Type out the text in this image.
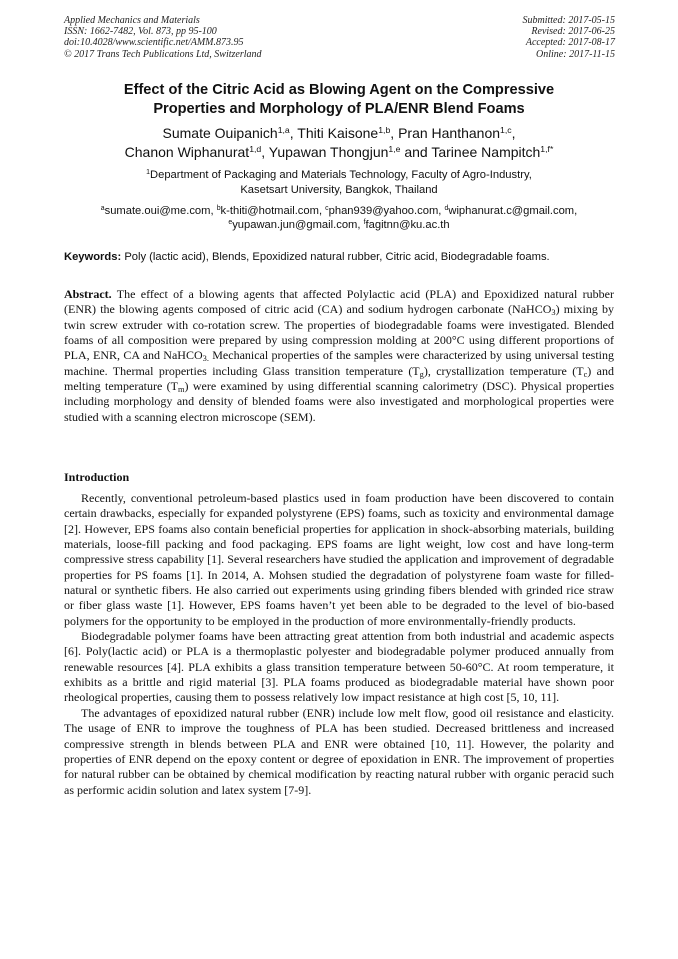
Applied Mechanics and Materials
ISSN: 1662-7482, Vol. 873, pp 95-100
doi:10.4028/www.scientific.net/AMM.873.95
© 2017 Trans Tech Publications Ltd, Switzerland
Submitted: 2017-05-15
Revised: 2017-06-25
Accepted: 2017-08-17
Online: 2017-11-15
Effect of the Citric Acid as Blowing Agent on the Compressive
Properties and Morphology of PLA/ENR Blend Foams
Sumate Ouipanich$^{1,a}$, Thiti Kaisone$^{1,b}$, Pran Hanthanon$^{1,c}$,
Chanon Wiphanurat$^{1,d}$, Yupawan Thongjun$^{1,e}$ and Tarinee Nampitch$^{1,f*}$
$^1$Department of Packaging and Materials Technology, Faculty of Agro-Industry,
Kasetsart University, Bangkok, Thailand
$^a$sumate.oui@me.com, $^b$k-thiti@hotmail.com, $^c$phan939@yahoo.com, $^d$wiphanurat.c@gmail.com,
$^e$yupawan.jun@gmail.com, $^f$fagitnn@ku.ac.th
Keywords: Poly (lactic acid), Blends, Epoxidized natural rubber, Citric acid, Biodegradable foams.
Abstract. The effect of a blowing agents that affected Polylactic acid (PLA) and Epoxidized natural rubber (ENR) the blowing agents composed of citric acid (CA) and sodium hydrogen carbonate (NaHCO$_3$) mixing by twin screw extruder with co-rotation screw. The properties of biodegradable foams were investigated. Blended foams of all composition were prepared by using compression molding at 200°C using different proportions of PLA, ENR, CA and NaHCO$_{3.}$ Mechanical properties of the samples were characterized by using universal testing machine. Thermal properties including Glass transition temperature $(T_g)$, crystallization temperature $(T_c)$ and melting temperature $(T_m)$ were examined by using differential scanning calorimetry (DSC). Physical properties including morphology and density of blended foams were also investigated and morphological properties were studied with a scanning electron microscope (SEM).
Introduction

Recently, conventional petroleum-based plastics used in foam production have been discovered to contain certain drawbacks, especially for expanded polystyrene (EPS) foams, such as toxicity and environmental damage [2]. However, EPS foams also contain beneficial properties for application in shock-absorbing materials, building materials, loose-fill packing and food packaging. EPS foams are light weight, low cost and have long-term compressive stress capability [1]. Several researchers have studied the application and improvement of degradable properties for PS foams [1]. In 2014, A. Mohsen studied the degradation of polystyrene foam waste for filled-natural or synthetic fibers. He also carried out experiments using grinding fibers blended with grinded rice straw or fiber glass waste [1]. However, EPS foams haven’t yet been able to be degraded to the level of bio-based polymers for the opportunity to be employed in the production of more environmentally-friendly products.

Biodegradable polymer foams have been attracting great attention from both industrial and academic aspects [6]. Poly(lactic acid) or PLA is a thermoplastic polyester and biodegradable polymer produced annually from renewable resources [4]. PLA exhibits a glass transition temperature between 50-60°C. At room temperature, it exhibits as a brittle and rigid material [3]. PLA foams produced as biodegradable material have shown poor rheological properties, causing them to possess relatively low impact resistance at high cost [5, 10, 11].

The advantages of epoxidized natural rubber (ENR) include low melt flow, good oil resistance and elasticity. The usage of ENR to improve the toughness of PLA has been studied. Decreased brittleness and increased compressive strength in blends between PLA and ENR were obtained [10, 11]. However, the polarity and properties of ENR depend on the epoxy content or degree of epoxidation in ENR. The improvement of properties for natural rubber can be obtained by chemical modification by reacting natural rubber with organic peracid such as performic acidin solution and latex system [7-9].
